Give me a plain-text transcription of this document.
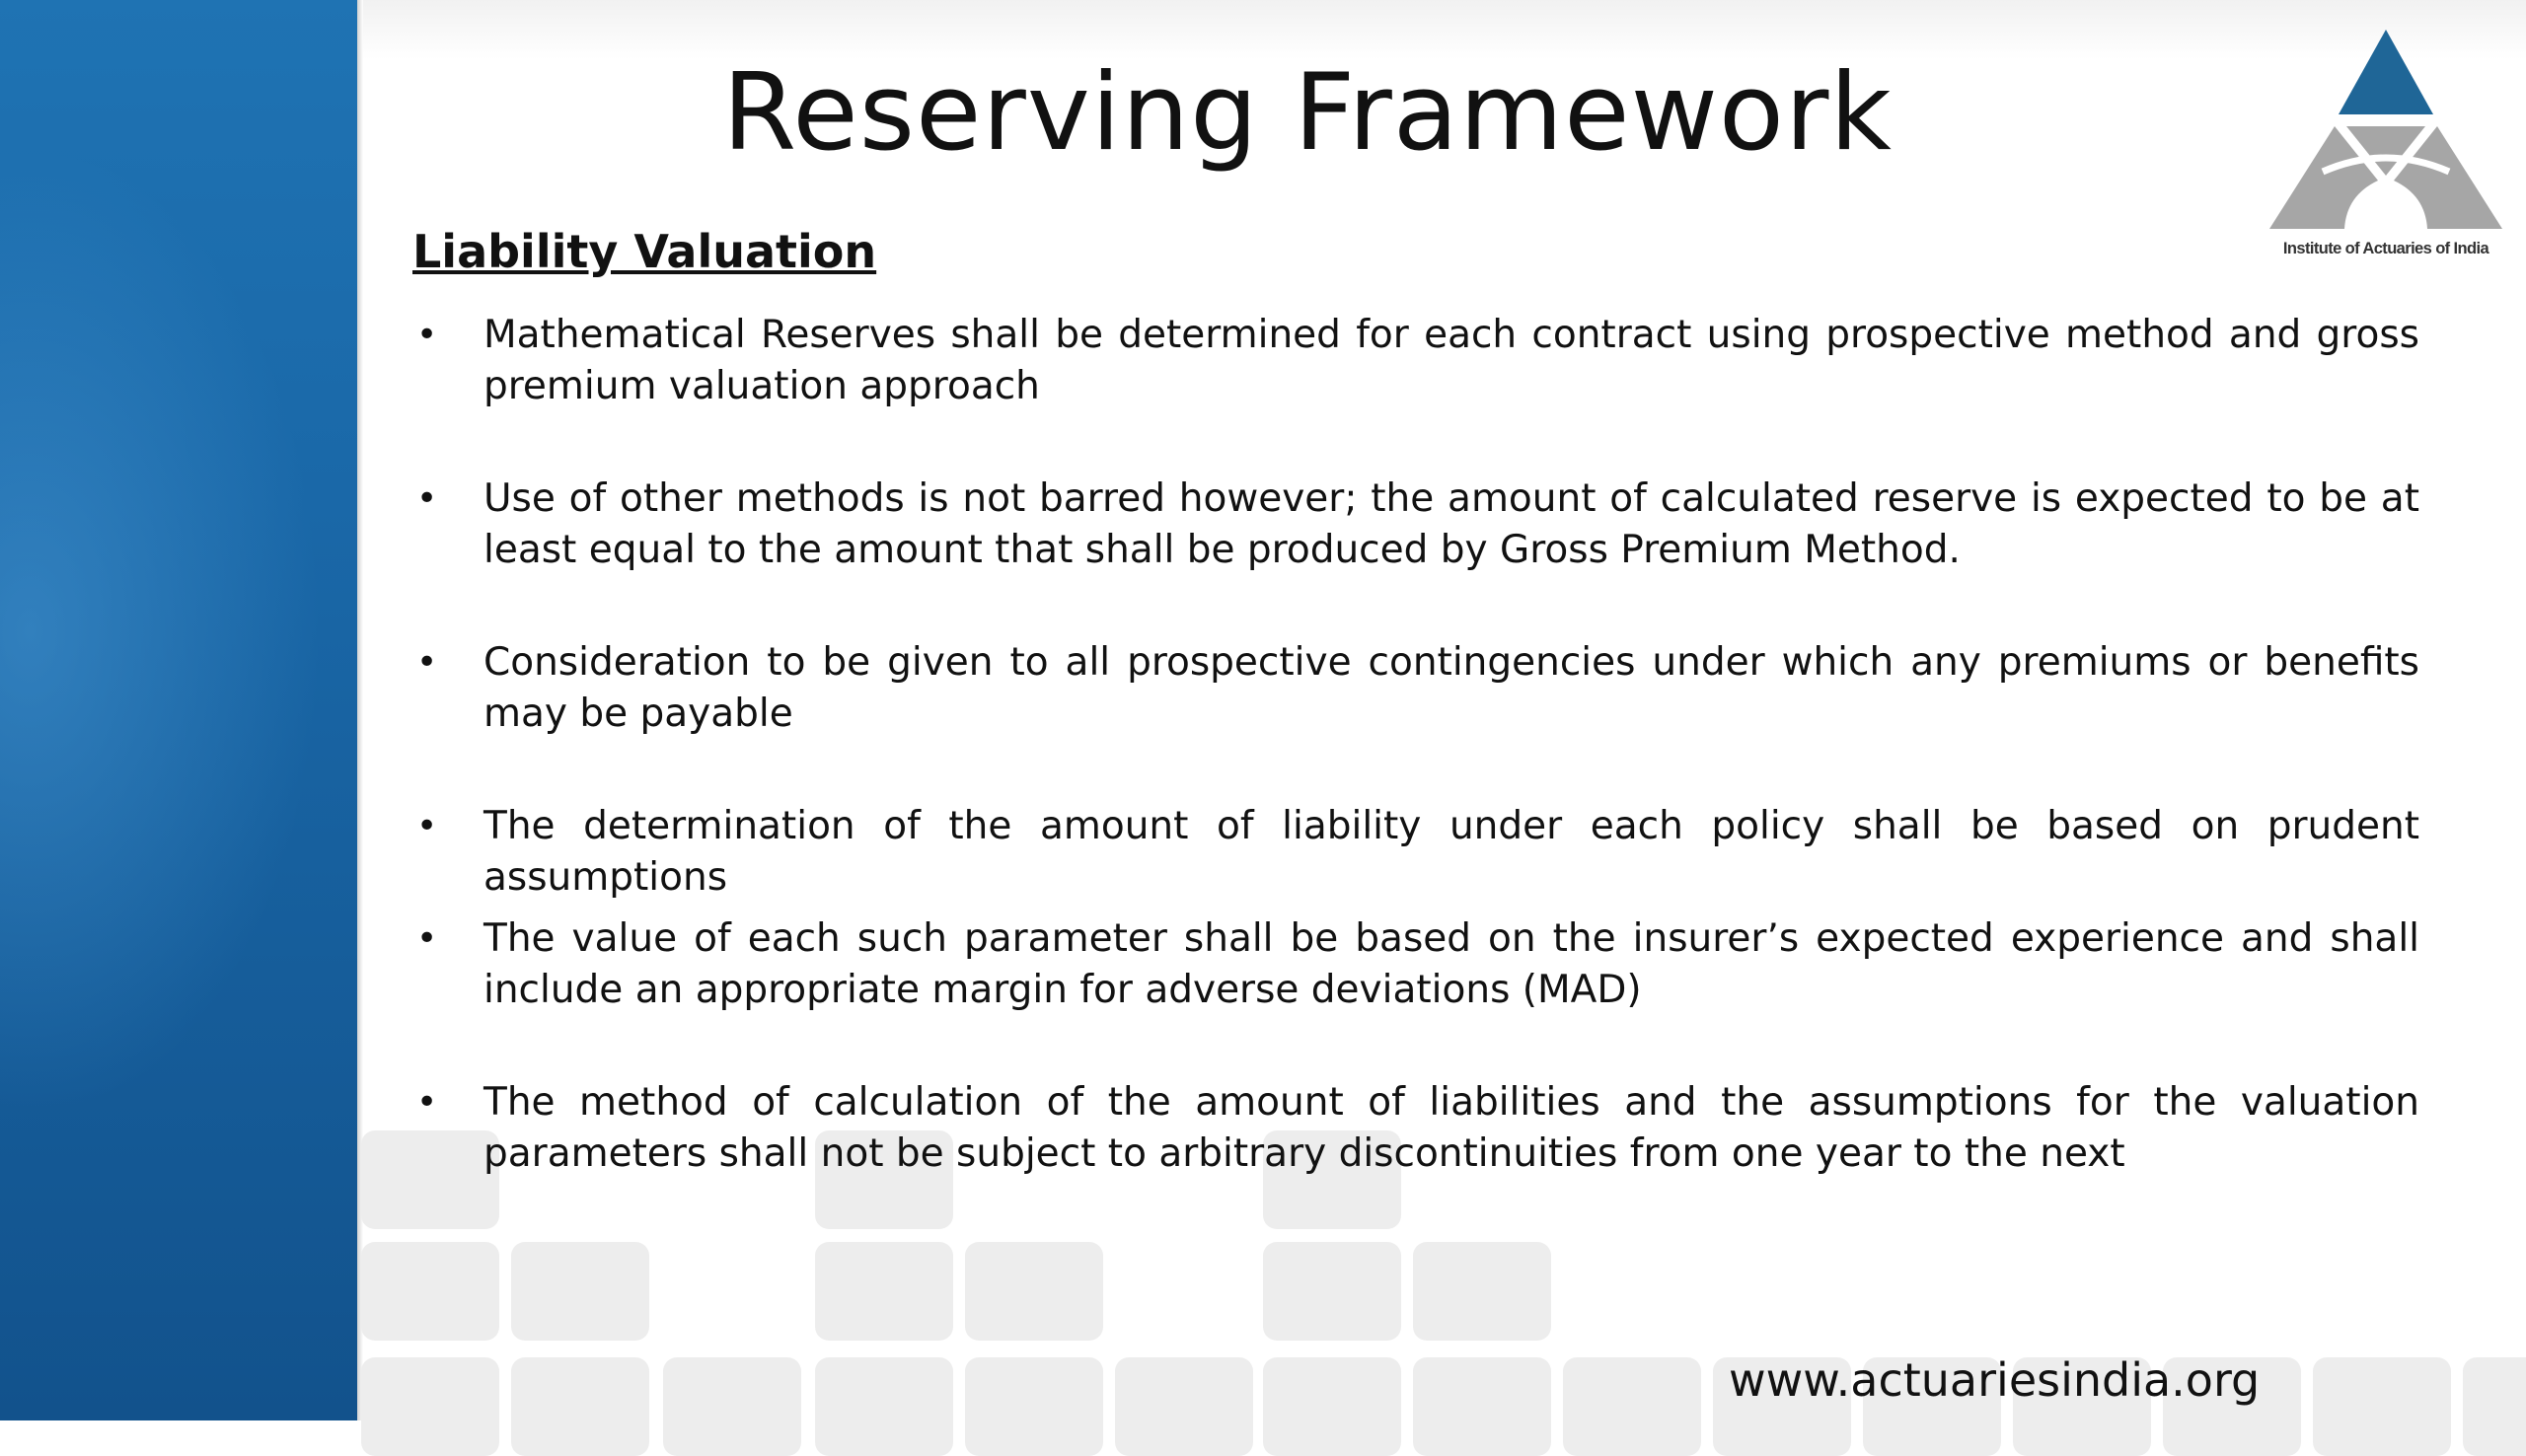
Reserving Framework
Institute of Actuaries of India
Liability Valuation
• Mathematical Reserves shall be determined for each contract using prospective method and gross premium valuation approach
• Use of other methods is not barred however; the amount of calculated reserve is expected to be at least equal to the amount that shall be produced by Gross Premium Method.
• Consideration to be given to all prospective contingencies under which any premiums or benefits may be payable
• The determination of the amount of liability under each policy shall be based on prudent assumptions
• The value of each such parameter shall be based on the insurer’s expected experience and shall include an appropriate margin for adverse deviations (MAD)
• The method of calculation of the amount of liabilities and the assumptions for the valuation parameters shall not be subject to arbitrary discontinuities from one year to the next
www.actuariesindia.org
